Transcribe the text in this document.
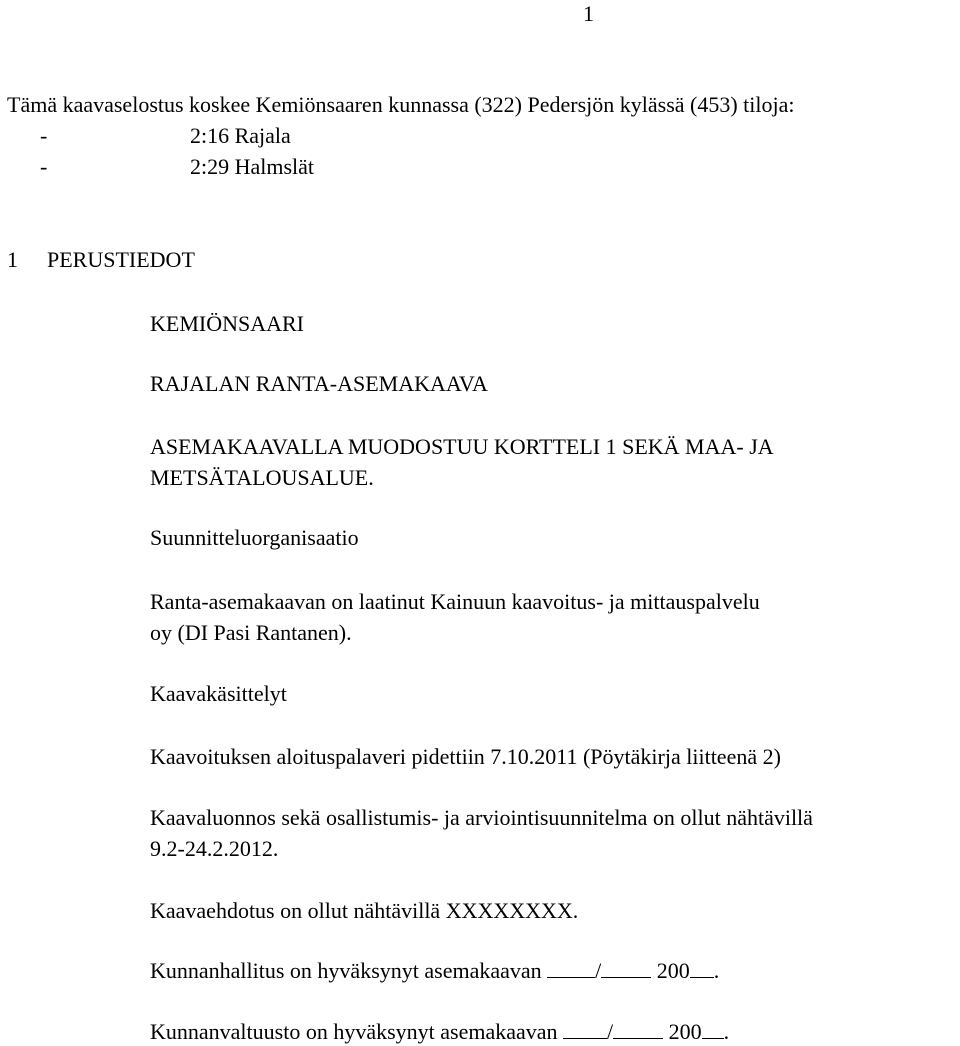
1
Tämä kaavaselostus koskee Kemiönsaaren kunnassa (322) Pedersjön kylässä (453) tiloja:
-	2:16 Rajala
-	2:29 Halmslät
1 PERUSTIEDOT
KEMIÖNSAARI
RAJALAN RANTA-ASEMAKAAVA
ASEMAKAAVALLA MUODOSTUU KORTTELI 1 SEKÄ MAA- JA
METSÄTALOUSALUE.
Suunnitteluorganisaatio
Ranta-asemakaavan on laatinut Kainuun kaavoitus- ja mittauspalvelu
oy (DI Pasi Rantanen).
Kaavakäsittelyt
Kaavoituksen aloituspalaveri pidettiin 7.10.2011 (Pöytäkirja liitteenä 2)
Kaavaluonnos sekä osallistumis- ja arviointisuunnitelma on ollut nähtävillä
9.2-24.2.2012.
Kaavaehdotus on ollut nähtävillä XXXXXXXX.
Kunnanhallitus on hyväksynyt asemakaavan /	200 .
Kunnanvaltuusto on hyväksynyt asemakaavan /	200 .
